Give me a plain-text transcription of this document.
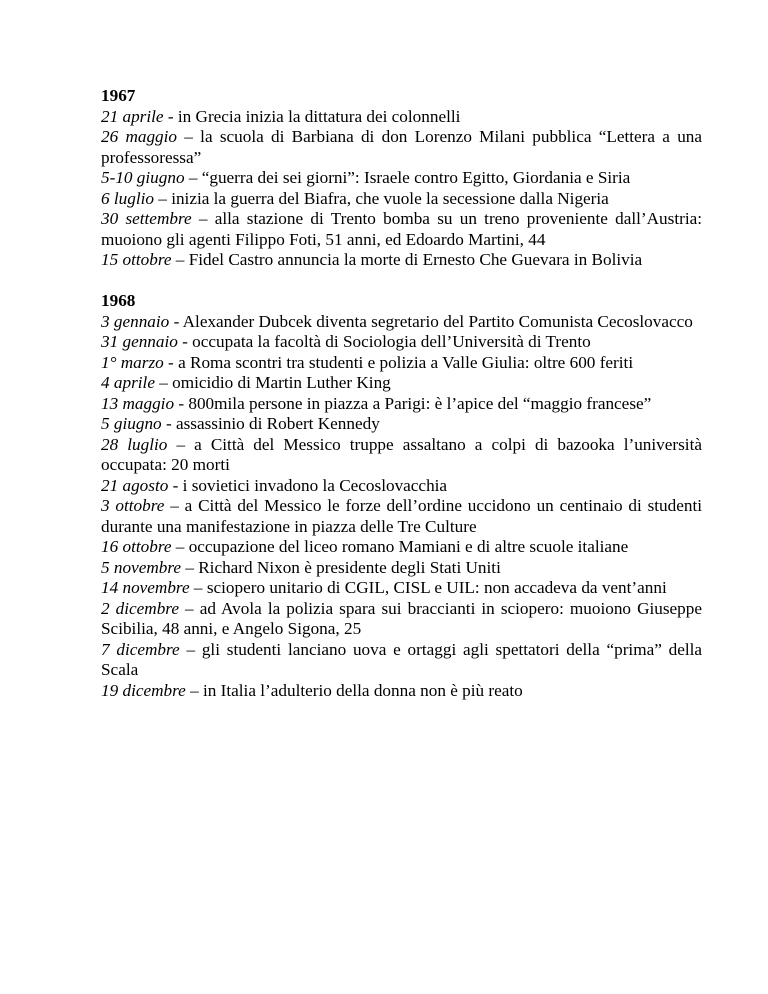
1967
21 aprile - in Grecia inizia la dittatura dei colonnelli
26 maggio – la scuola di Barbiana di don Lorenzo Milani pubblica “Lettera a una professoressa”
5-10 giugno – “guerra dei sei giorni”: Israele contro Egitto, Giordania e Siria
6 luglio – inizia la guerra del Biafra, che vuole la secessione dalla Nigeria
30 settembre – alla stazione di Trento bomba su un treno proveniente dall’Austria: muoiono gli agenti Filippo Foti, 51 anni, ed Edoardo Martini, 44
15 ottobre – Fidel Castro annuncia la morte di Ernesto Che Guevara in Bolivia
1968
3 gennaio - Alexander Dubcek diventa segretario del Partito Comunista Cecoslovacco
31 gennaio - occupata la facoltà di Sociologia dell’Università di Trento
1° marzo - a Roma scontri tra studenti e polizia a Valle Giulia: oltre 600 feriti
4 aprile – omicidio di Martin Luther King
13 maggio - 800mila persone in piazza a Parigi: è l’apice del “maggio francese”
5 giugno - assassinio di Robert Kennedy
28 luglio – a Città del Messico truppe assaltano a colpi di bazooka l’università occupata: 20 morti
21 agosto - i sovietici invadono la Cecoslovacchia
3 ottobre – a Città del Messico le forze dell’ordine uccidono un centinaio di studenti durante una manifestazione in piazza delle Tre Culture
16 ottobre – occupazione del liceo romano Mamiani e di altre scuole italiane
5 novembre – Richard Nixon è presidente degli Stati Uniti
14 novembre – sciopero unitario di CGIL, CISL e UIL: non accadeva da vent’anni
2 dicembre – ad Avola la polizia spara sui braccianti in sciopero: muoiono Giuseppe Scibilia, 48 anni, e Angelo Sigona, 25
7 dicembre – gli studenti lanciano uova e ortaggi agli spettatori della “prima” della Scala
19 dicembre – in Italia l’adulterio della donna non è più reato
